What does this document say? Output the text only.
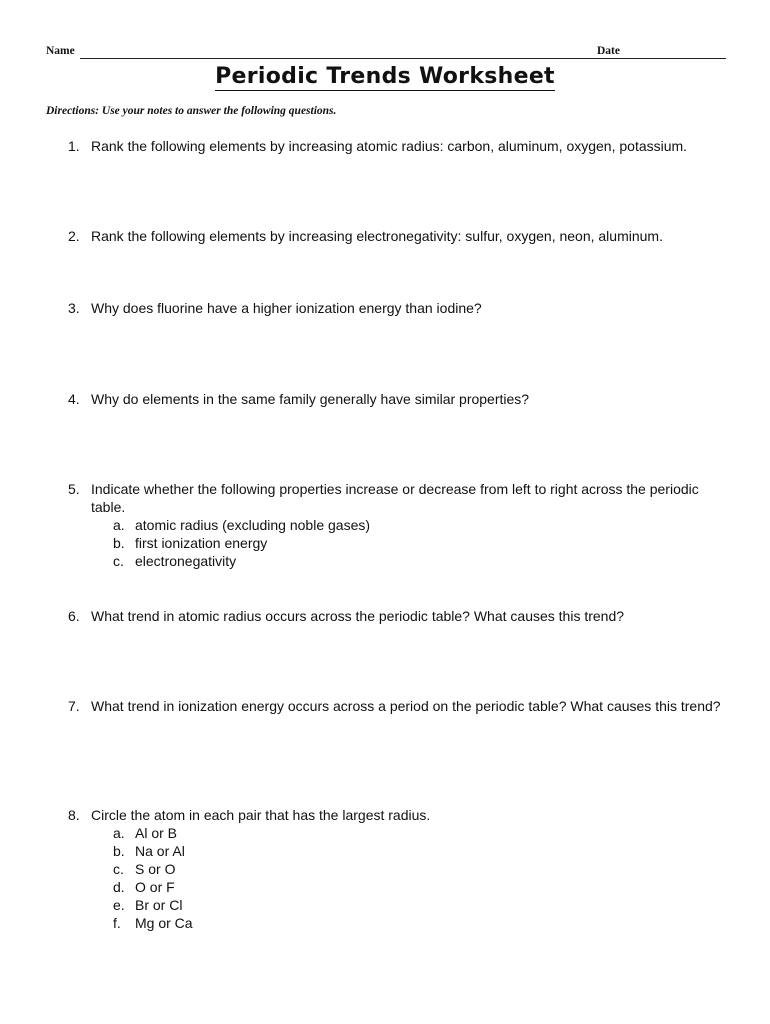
Name	Date
Periodic Trends Worksheet
Directions: Use your notes to answer the following questions.
1. Rank the following elements by increasing atomic radius: carbon, aluminum, oxygen, potassium.
2. Rank the following elements by increasing electronegativity: sulfur, oxygen, neon, aluminum.
3. Why does fluorine have a higher ionization energy than iodine?
4. Why do elements in the same family generally have similar properties?
5. Indicate whether the following properties increase or decrease from left to right across the periodic table.
a. atomic radius (excluding noble gases)
b. first ionization energy
c. electronegativity
6. What trend in atomic radius occurs across the periodic table? What causes this trend?
7. What trend in ionization energy occurs across a period on the periodic table? What causes this trend?
8. Circle the atom in each pair that has the largest radius.
a. Al or B
b. Na or Al
c. S or O
d. O or F
e. Br or Cl
f.	Mg or Ca
